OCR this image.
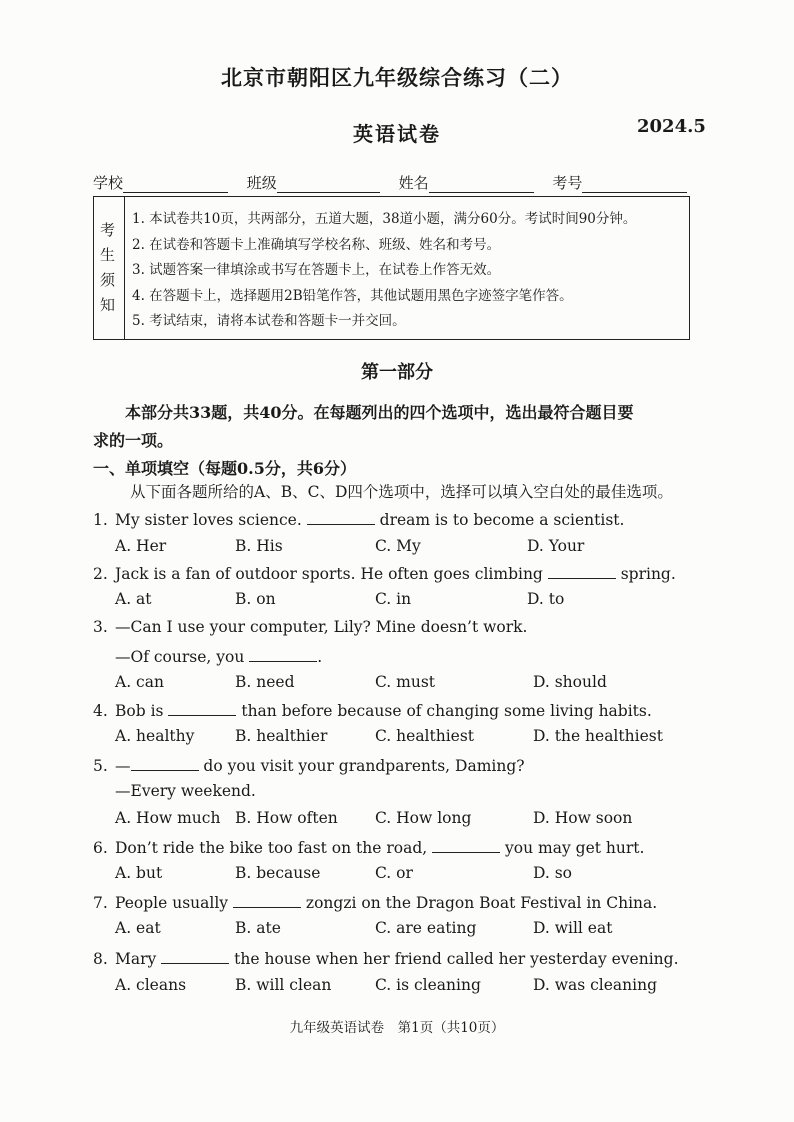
北京市朝阳区九年级综合练习（二）
英语试卷	2024.5
学校	班级	姓名	考号
考
生
须
知
1. 本试卷共10页，共两部分，五道大题，38道小题，满分60分。考试时间90分钟。
2. 在试卷和答题卡上准确填写学校名称、班级、姓名和考号。
3. 试题答案一律填涂或书写在答题卡上，在试卷上作答无效。
4. 在答题卡上，选择题用2B铅笔作答，其他试题用黑色字迹签字笔作答。
5. 考试结束，请将本试卷和答题卡一并交回。
第一部分
本部分共33题，共40分。在每题列出的四个选项中，选出最符合题目要
求的一项。
一、单项填空（每题0.5分，共6分）
从下面各题所给的A、B、C、D四个选项中，选择可以填入空白处的最佳选项。
1. My sister loves science.	dream is to become a scientist.
A. Her	B. His	C. My	D. Your
2. Jack is a fan of outdoor sports. He often goes climbing	spring.
A. at	B. on	C. in	D. to
3. —Can I use your computer, Lily? Mine doesn’t work.
—Of course, you	.
A. can	B. need	C. must	D. should
4. Bob is	than before because of changing some living habits.
A. healthy	B. healthier	C. healthiest	D. the healthiest
5. —	do you visit your grandparents, Daming?
—Every weekend.
A. How much B. How often C. How long	D. How soon
6. Don’t ride the bike too fast on the road,	you may get hurt.
A. but	B. because	C. or	D. so
7. People usually	zongzi on the Dragon Boat Festival in China.
A. eat	B. ate	C. are eating	D. will eat
8. Mary	the house when her friend called her yesterday evening.
A. cleans	B. will clean	C. is cleaning	D. was cleaning
九年级英语试卷　第1页（共10页）
